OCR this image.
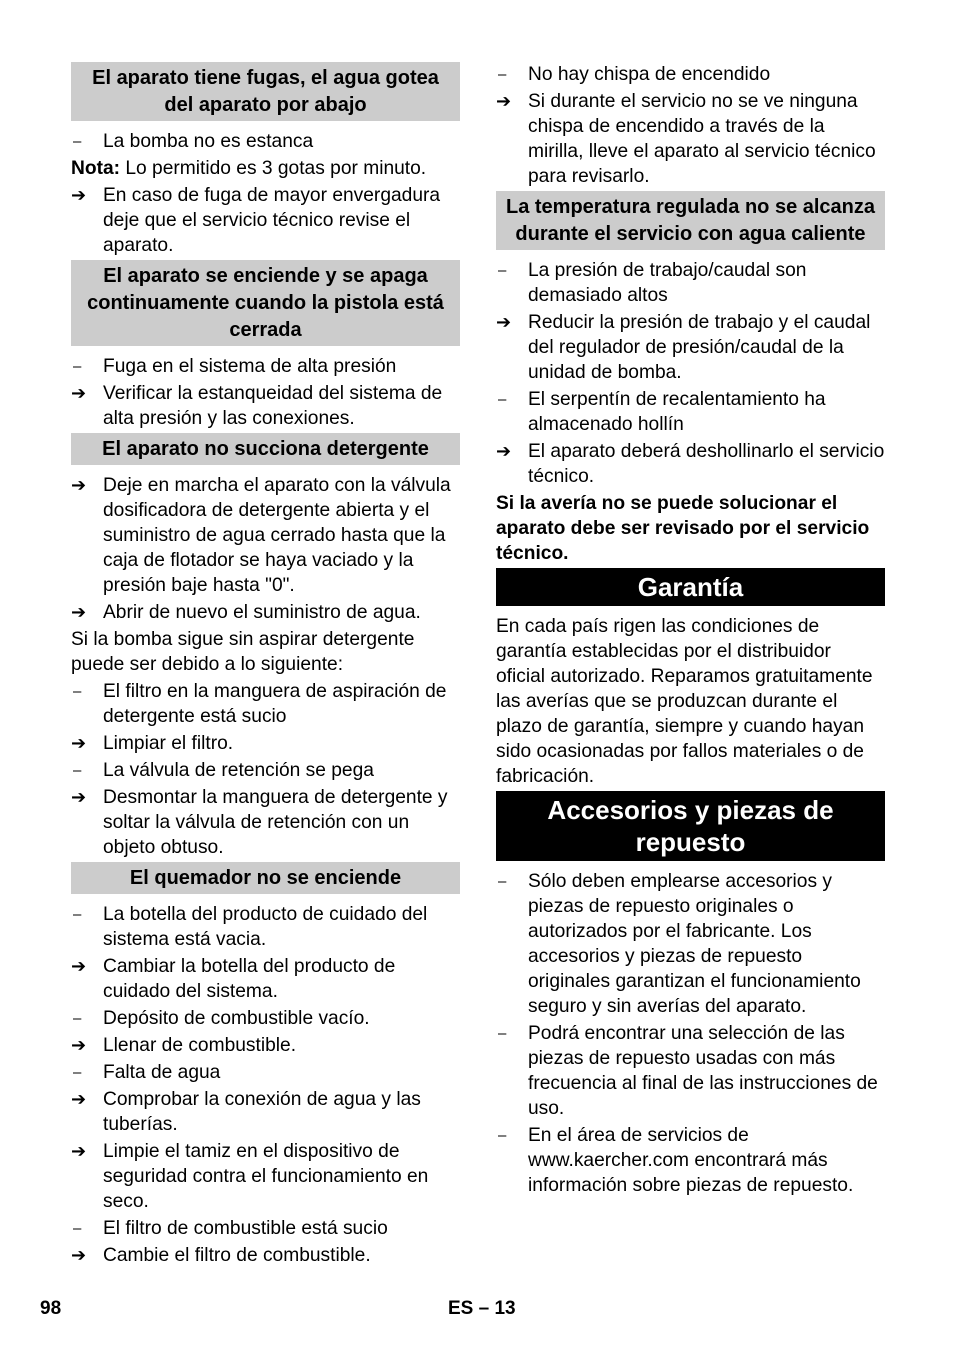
El aparato tiene fugas, el agua gotea del aparato por abajo
–	La bomba no es estanca
Nota: Lo permitido es 3 gotas por minuto.
➔ En caso de fuga de mayor envergadura deje que el servicio técnico revise el aparato.
El aparato se enciende y se apaga continuamente cuando la pistola está cerrada
–	Fuga en el sistema de alta presión
➔ Verificar la estanqueidad del sistema de alta presión y las conexiones.
El aparato no succiona detergente
➔ Deje en marcha el aparato con la válvula dosificadora de detergente abierta y el suministro de agua cerrado hasta que la caja de flotador se haya vaciado y la presión baje hasta "0".
➔ Abrir de nuevo el suministro de agua.
Si la bomba sigue sin aspirar detergente puede ser debido a lo siguiente:
–	El filtro en la manguera de aspiración de detergente está sucio
➔ Limpiar el filtro.
–	La válvula de retención se pega
➔ Desmontar la manguera de detergente y soltar la válvula de retención con un objeto obtuso.
El quemador no se enciende
–	La botella del producto de cuidado del sistema está vacia.
➔ Cambiar la botella del producto de cuidado del sistema.
–	Depósito de combustible vacío.
➔ Llenar de combustible.
–	Falta de agua
➔ Comprobar la conexión de agua y las tuberías.
➔ Limpie el tamiz en el dispositivo de seguridad contra el funcionamiento en seco.
–	El filtro de combustible está sucio
➔ Cambie el filtro de combustible.
–	No hay chispa de encendido
➔ Si durante el servicio no se ve ninguna chispa de encendido a través de la mirilla, lleve el aparato al servicio técnico para revisarlo.
La temperatura regulada no se alcanza durante el servicio con agua caliente
–	La presión de trabajo/caudal son demasiado altos
➔ Reducir la presión de trabajo y el caudal del regulador de presión/caudal de la unidad de bomba.
–	El serpentín de recalentamiento ha almacenado hollín
➔ El aparato deberá deshollinarlo el servicio técnico.
Si la avería no se puede solucionar el aparato debe ser revisado por el servicio técnico.
Garantía
En cada país rigen las condiciones de garantía establecidas por el distribuidor oficial autorizado. Reparamos gratuitamente las averías que se produzcan durante el plazo de garantía, siempre y cuando hayan sido ocasionadas por fallos materiales o de fabricación.
Accesorios y piezas de repuesto
–	Sólo deben emplearse accesorios y piezas de repuesto originales o autorizados por el fabricante. Los accesorios y piezas de repuesto originales garantizan el funcionamiento seguro y sin averías del aparato.
–	Podrá encontrar una selección de las piezas de repuesto usadas con más frecuencia al final de las instrucciones de uso.
–	En el área de servicios de www.kaercher.com encontrará más información sobre piezas de repuesto.
98	ES – 13
